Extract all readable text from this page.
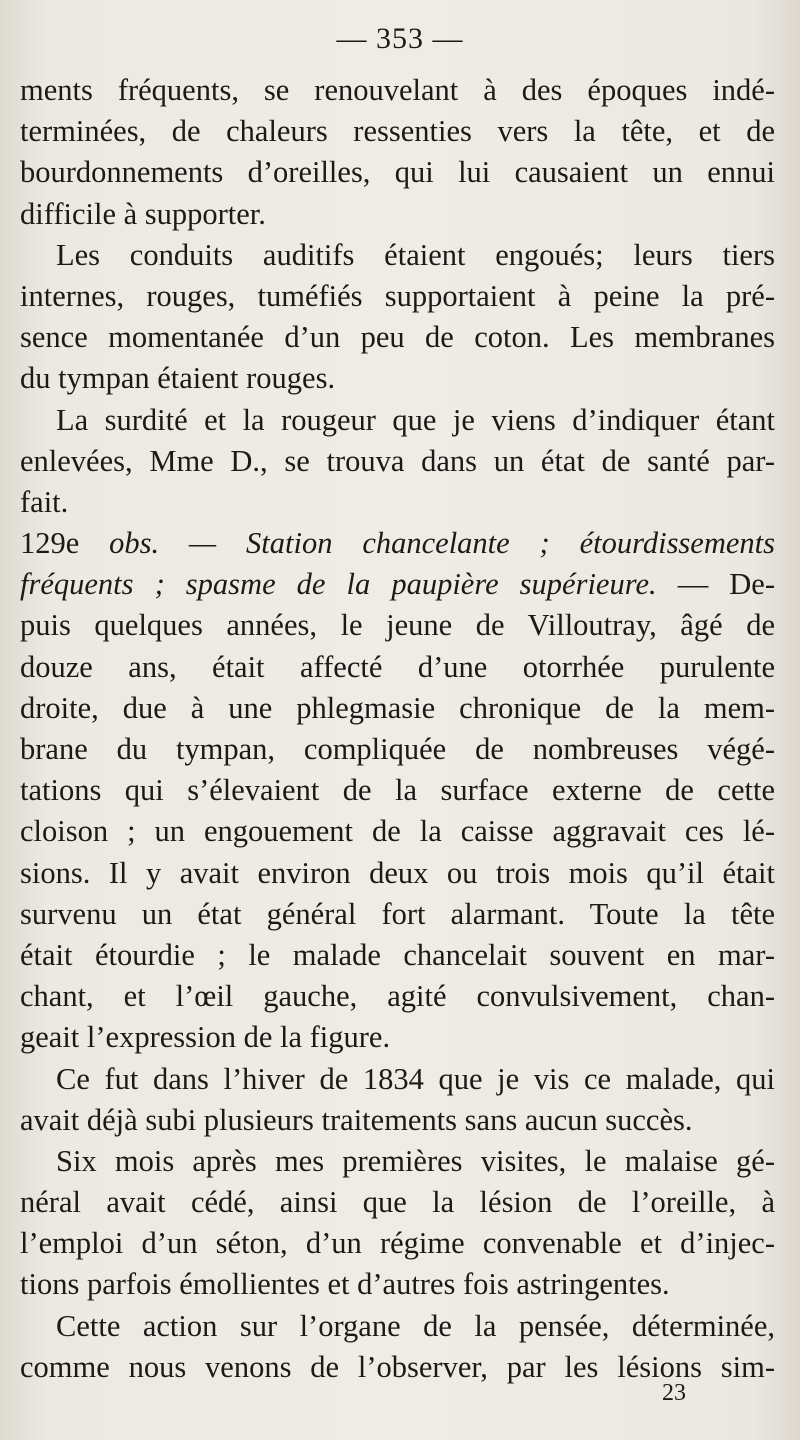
— 353 —
ments fréquents, se renouvelant à des époques indé-
terminées, de chaleurs ressenties vers la tête, et de
bourdonnements d’oreilles, qui lui causaient un ennui
difficile à supporter.
Les conduits auditifs étaient engoués; leurs tiers
internes, rouges, tuméfiés supportaient à peine la pré-
sence momentanée d’un peu de coton. Les membranes
du tympan étaient rouges.
La surdité et la rougeur que je viens d’indiquer étant
enlevées, Mme D., se trouva dans un état de santé par-
fait.
129e obs. — Station chancelante ; étourdissements
fréquents ; spasme de la paupière supérieure. — De-
puis quelques années, le jeune de Villoutray, âgé de
douze ans, était affecté d’une otorrhée purulente
droite, due à une phlegmasie chronique de la mem-
brane du tympan, compliquée de nombreuses végé-
tations qui s’élevaient de la surface externe de cette
cloison ; un engouement de la caisse aggravait ces lé-
sions. Il y avait environ deux ou trois mois qu’il était
survenu un état général fort alarmant. Toute la tête
était étourdie ; le malade chancelait souvent en mar-
chant, et l’œil gauche, agité convulsivement, chan-
geait l’expression de la figure.
Ce fut dans l’hiver de 1834 que je vis ce malade, qui
avait déjà subi plusieurs traitements sans aucun succès.
Six mois après mes premières visites, le malaise gé-
néral avait cédé, ainsi que la lésion de l’oreille, à
l’emploi d’un séton, d’un régime convenable et d’injec-
tions parfois émollientes et d’autres fois astringentes.
Cette action sur l’organe de la pensée, déterminée,
comme nous venons de l’observer, par les lésions sim-
23
